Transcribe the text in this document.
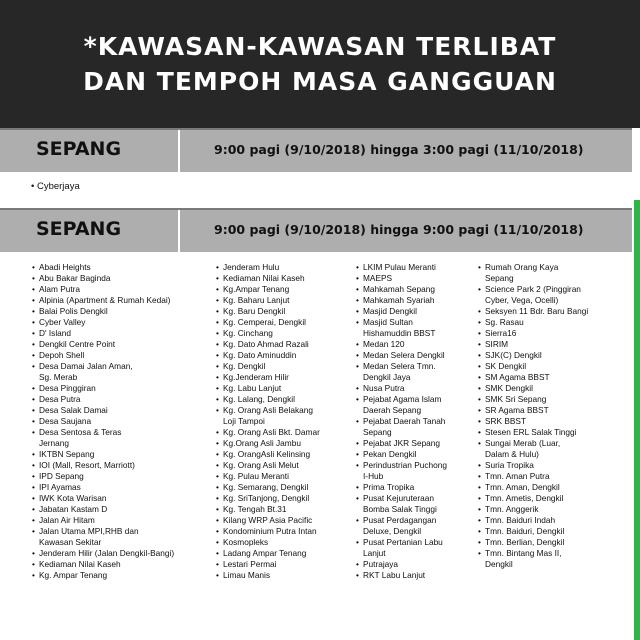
*KAWASAN-KAWASAN TERLIBAT
DAN TEMPOH MASA GANGGUAN
SEPANG	9:00 pagi (9/10/2018) hingga 3:00 pagi (11/10/2018)
• Cyberjaya
SEPANG	9:00 pagi (9/10/2018) hingga 9:00 pagi (11/10/2018)
• Abadi Heights
• Abu Bakar Baginda
• Alam Putra
• Alpinia (Apartment & Rumah Kedai)
• Balai Polis Dengkil
• Cyber Valley
• D' Island
• Dengkil Centre Point
• Depoh Shell
• Desa Damai Jalan Aman,
Sg. Merab
• Desa Pinggiran
• Desa Putra
• Desa Salak Damai
• Desa Saujana
• Desa Sentosa & Teras
Jernang
• IKTBN Sepang
• IOI (Mall, Resort, Marriott)
• IPD Sepang
• IPI Ayamas
• IWK Kota Warisan
• Jabatan Kastam D
• Jalan Air Hitam
• Jalan Utama MPI,RHB dan
Kawasan Sekitar
• Jenderam Hilir (Jalan Dengkil-Bangi)
• Kediaman Nilai Kaseh
• Kg. Ampar Tenang
• Jenderam Hulu
• Kediaman Nilai Kaseh
• Kg.Ampar Tenang
• Kg. Baharu Lanjut
• Kg. Baru Dengkil
• Kg. Cemperai, Dengkil
• Kg. Cinchang
• Kg. Dato Ahmad Razali
• Kg. Dato Aminuddin
• Kg. Dengkil
• Kg.Jenderam Hilir
• Kg. Labu Lanjut
• Kg. Lalang, Dengkil
• Kg. Orang Asli Belakang
Loji Tampoi
• Kg. Orang Asli Bkt. Damar
• Kg.Orang Asli Jambu
• Kg. OrangAsli Kelinsing
• Kg. Orang Asli Melut
• Kg. Pulau Meranti
• Kg. Semarang, Dengkil
• Kg. SriTanjong, Dengkil
• Kg. Tengah Bt.31
• Kilang WRP Asia Pacific
• Kondominium Putra Intan
• Kosmopleks
• Ladang Ampar Tenang
• Lestari Permai
• Limau Manis
• LKIM Pulau Meranti
• MAEPS
• Mahkamah Sepang
• Mahkamah Syariah
• Masjid Dengkil
• Masjid Sultan
Hishamuddin BBST
• Medan 120
• Medan Selera Dengkil
• Medan Selera Tmn.
Dengkil Jaya
• Nusa Putra
• Pejabat Agama Islam
Daerah Sepang
• Pejabat Daerah Tanah
Sepang
• Pejabat JKR Sepang
• Pekan Dengkil
• Perindustrian Puchong
I-Hub
• Prima Tropika
• Pusat Kejuruteraan
Bomba Salak Tinggi
• Pusat Perdagangan
Deluxe, Dengkil
• Pusat Pertanian Labu
Lanjut
• Putrajaya
• RKT Labu Lanjut
• Rumah Orang Kaya
Sepang
• Science Park 2 (Pinggiran
Cyber, Vega, Ocelli)
• Seksyen 11 Bdr. Baru Bangi
• Sg. Rasau
• Sierra16
• SIRIM
• SJK(C) Dengkil
• SK Dengkil
• SM Agama BBST
• SMK Dengkil
• SMK Sri Sepang
• SR Agama BBST
• SRK BBST
• Stesen ERL Salak Tinggi
• Sungai Merab (Luar,
Dalam & Hulu)
• Suria Tropika
• Tmn. Aman Putra
• Tmn. Aman, Dengkil
• Tmn. Ametis, Dengkil
• Tmn. Anggerik
• Tmn. Baiduri Indah
• Tmn. Baiduri, Dengkil
• Tmn. Berlian, Dengkil
• Tmn. Bintang Mas II,
Dengkil
